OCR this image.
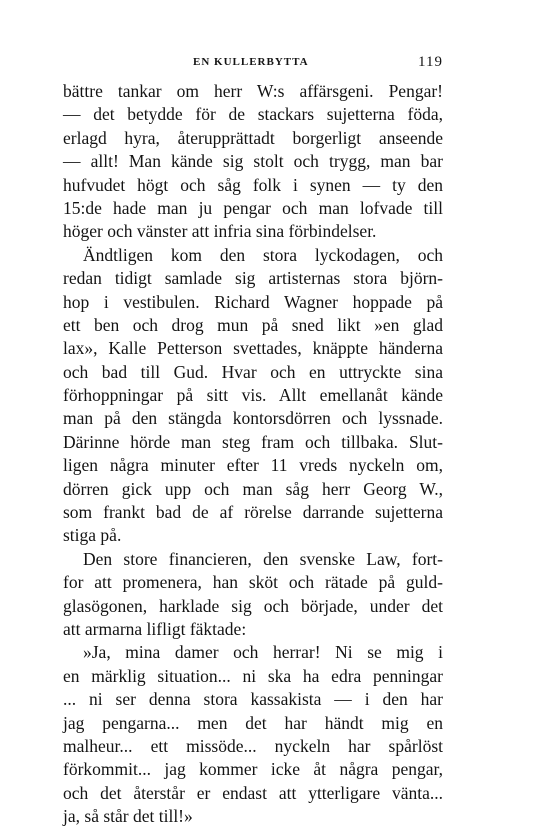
EN KULLERBYTTA	119
bättre tankar om herr W:s affärsgeni. Pengar!
— det betydde för de stackars sujetterna föda,
erlagd hyra, återupprättadt borgerligt anseende
— allt! Man kände sig stolt och trygg, man bar
hufvudet högt och såg folk i synen — ty den
15:de hade man ju pengar och man lofvade till
höger och vänster att infria sina förbindelser.
Ändtligen kom den stora lyckodagen, och
redan tidigt samlade sig artisternas stora björn-
hop i vestibulen. Richard Wagner hoppade på
ett ben och drog mun på sned likt »en glad
lax», Kalle Petterson svettades, knäppte händerna
och bad till Gud. Hvar och en uttryckte sina
förhoppningar på sitt vis. Allt emellanåt kände
man på den stängda kontorsdörren och lyssnade.
Därinne hörde man steg fram och tillbaka. Slut-
ligen några minuter efter 11 vreds nyckeln om,
dörren gick upp och man såg herr Georg W.,
som frankt bad de af rörelse darrande sujetterna
stiga på.
Den store financieren, den svenske Law, fort-
for att promenera, han sköt och rätade på guld-
glasögonen, harklade sig och började, under det
att armarna lifligt fäktade:
»Ja, mina damer och herrar! Ni se mig i
en märklig situation... ni ska ha edra penningar
... ni ser denna stora kassakista — i den har
jag pengarna... men det har händt mig en
malheur... ett missöde... nyckeln har spårlöst
förkommit... jag kommer icke åt några pengar,
och det återstår er endast att ytterligare vänta...
ja, så står det till!»
